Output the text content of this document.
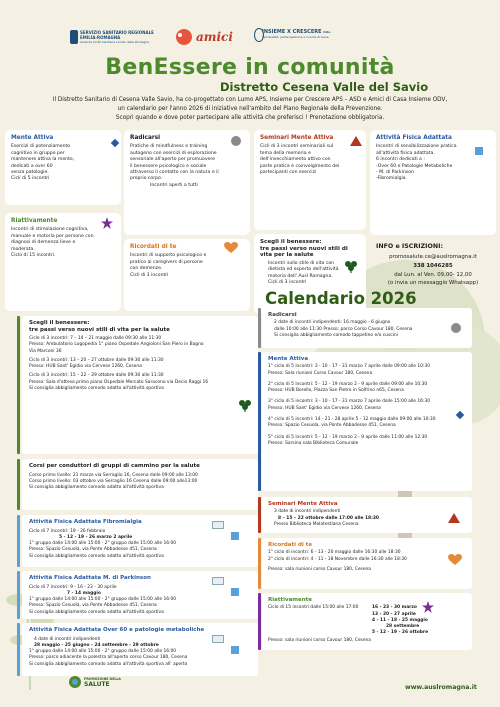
SERVIZIO SANITARIO REGIONALE
EMILIA-ROMAGNA
Azienda Unità Sanitaria Locale della Romagna	amici	INSIEME X CRESCERE Odv.
Spiritualità, partecipazione e ricerca di bene
BenEssere in comunità
Distretto Cesena Valle del Savio
Il Distretto Sanitario di Cesena Valle Savio, ha co-progettato con Lumo APS, Insieme per Crescere APS – ASD e Amici di Casa Insieme ODV,
un calendario per l'anno 2026 di iniziative nell'ambito del Piano Regionale della Prevenzione.
Scopri quando e dove poter partecipare alle attività che preferisci ! Prenotazione obbligatoria.
Mente Attiva
Esercizi di potenziamento
cognitivo in gruppo per
mantenere attiva la mente,
dedicati a over 60
senza patologie.
Cicli di 5 incontri
Radicarsi
Pratiche di mindfulness e training
autogeno con esercizi di esplorazione
sensoriale all'aperto per promuovere
il benessere psicologico e sociale
attraverso il contatto con la natura e il
proprio corpo.
Incontri aperti a tutti
Seminari Mente Attiva
Cicli di 3 incontri seminariali sul
tema della memoria e
dell'invecchiamento attivo con
parte pratica e coinvolgimento dei
partecipanti con esercizi
Attività Fisica Adattata
Incontri di sensibilizzazione pratica
all'attività fisica adattata.
6 incontri dedicati a :
-Over 60 e Patologie Metaboliche
- M. di Parkinson
-Fibromialgia
Riattivamente
Incontri di stimolazione cognitiva,
manuale e motoria per persone con
diagnosi di demenza lieve e
moderata.
Ciclo di 15 incontri.
Ricordati di te
Incontri di supporto psicologico e
pratico ai caregivers di persone
con demenze.
Cicli di 3 incontri
Scegli il benessere:
tre passi verso nuovi stili di
vita per la salute
Incontri sullo stile di vita con
dietista ed esperto dell'attività
motoria dell' Ausl Romagna.
Cicli di 3 incontri
INFO e ISCRIZIONI:
promosalute.ce@auslromagna.it
338 1046285
dal Lun. al Ven. 09,00- 12,00
(o invia un messaggio Whatsapp)
Scegli il benessere:
tre passi verso nuovi stili di vita per la salute

Ciclo di 3 incontri: 7 – 14 – 21 maggio dalle 09:30 alle 11:30

Presso: Ambulatorio Logopedia 1° piano Ospedale Angioloni San Piero in Bagno

Via Marconi 36

Ciclo di 3 incontri: 13 – 20 – 27 ottobre dalle 09:30 alle 11:30

Presso: HUB Sant' Egidio via Cervese 1260, Cesena

Ciclo di 3 incontri: 15 – 22 – 29 ottobre dalle 09:30 alle 11:30

Presso: Sala d'attesa primo piano Ospedale Mercato Saraceno via Decio Raggi 16

Si consiglia abbigliamento comodo adatto all'attività sportiva

Corsi per conduttori di gruppi di cammino per la salute

Corso primo livello: 21 marzo via Serraglio 16, Cesena dalle 09:00 alle 13:00

Corso primo livello: 03 ottobre via Serraglio 16 Cesena dalle 09:00 alle13:00

Si consiglia abbigliamento comodo adatto all'attività sportiva

Attività Fisica Adattata Fibromialgia

Ciclo di 7 incontri: 19 - 26 febbraio

5 - 12 - 19 - 26 marzo 2 aprile

1° gruppo dalle 14:00 alle 15:00 - 2° gruppo dalle 15:00 alle 16:00

Presso: Spazio Cesuola, via Ponte Abbadesse 451, Cesena

Si consiglia abbigliamento comodo adatto all'attività sportiva

Attività Fisica Adattata M. di Parkinson

Ciclo di 7 incontri: 9 - 16 - 23 - 30 aprile

7 - 14 maggio

1° gruppo dalle 14:00 alle 15:00 - 2° gruppo dalle 15:00 alle 16:00

Presso: Spazio Cesuola, via Ponte Abbadesse 451, Cesena

Si consiglia abbigliamento comodo adatto all'attività sportiva

Attività Fisica Adattata Over 60 e patologie metaboliche

4 date di incontri indipendenti

28 maggio - 25 giugno - 24 settembre - 29 ottobre

1° gruppo dalle 14:00 alle 15:00 - 2° gruppo dalle 15:00 alle 16:00

Presso: parco adiacente la palestra all'aperto corso Cavour 180, Cesena

Si consiglia abbigliamento comodo adatto all'attività sportiva all' aperto

Calendario 2026
Radicarsi

2 date di incontri indipendenti: 16 maggio - 6 giugno

dalle 10:00 alle 11:30 Presso: parco Corso Cavour 180, Cesena

Si consiglia abbigliamento comodo tappetino e/o cuscini

Mente Attiva

1° ciclo di 5 incontri: 3 - 10 - 17 - 31 marzo 7 aprile dalle 09:00 alle 10:30

Presso: Sala riunioni Corso Cavour 180, Cesena

2° ciclo di 5 incontri: 5 - 12 - 19 marzo 2 - 9 aprile dalle 09:00 alle 10:30

Presso: HUB Borello, Piazza San Pietro in Solfrino n65, Cesena

3° ciclo di 5 incontri: 3 - 10 - 17 - 31 marzo 7 aprile dalle 15:00 alle 16:30

Presso: HUB Sant' Egidio via Cervese 1260, Cesena

4° ciclo di 5 incontri: 14 - 21 - 28 aprile 5 - 12 maggio dalle 09:00 alle 10:30

Presso: Spazio Cesuola, via Ponte Abbadesse 451, Cesena

5° ciclo di 5 incontri: 5 - 12 - 19 marzo 2 - 9 aprile dalle 11:00 alle 12:30

Presso: Sarsina sala Biblioteca Comunale

Seminari Mente Attiva

3 date di incontri indipendenti

8 – 15 – 22 ottobre dalle 17:00 alle 18:30

Presso Biblioteca Malatestiana Cesena

Ricordati di te

1° ciclo di incontri: 6 - 13 - 20 maggio dalle 16:30 alle 18:30

2° ciclo di incontri: 4 - 11 - 18 Novembre dalle 16:30 alle 18:30

Presso: sala riunioni corso Cavour 180, Cesena

Riattivamente
Ciclo di 15 incontri dalle 15:00 alle 17:00	16 - 23 - 30 marzo
13 - 20 - 27 aprile
4 - 11 - 18 - 25 maggio
28 settembre
5 - 12 - 19 - 26 ottobre

Presso: sala riunioni corso Cavour 180, Cesena

PROMOZIONE DELLA
SALUTE	www.auslromagna.it
